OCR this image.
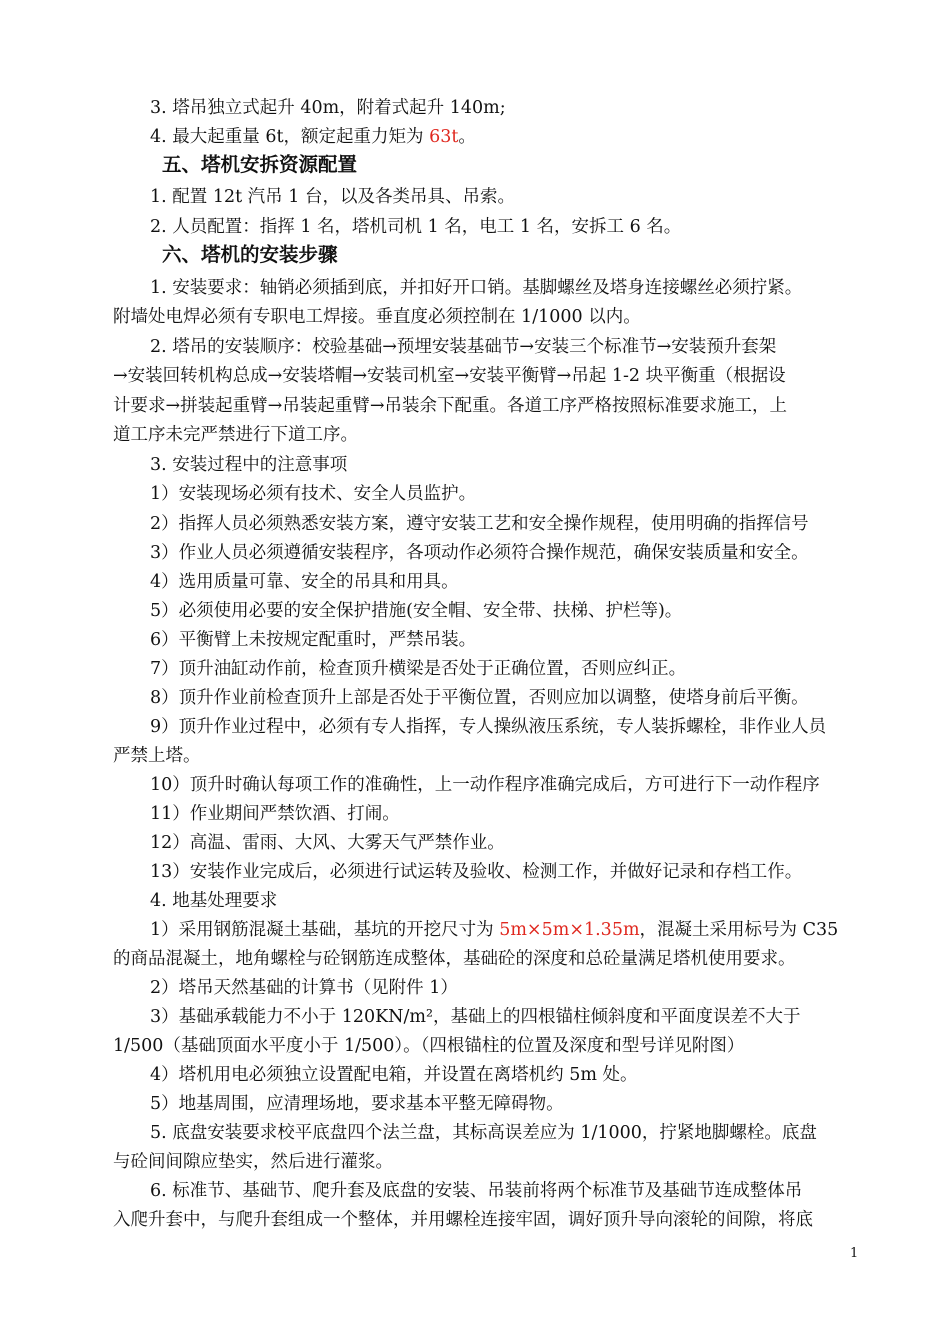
3. 塔吊独立式起升 40m，附着式起升 140m;
4. 最大起重量 6t，额定起重力矩为 63t。
五、塔机安拆资源配置
1. 配置 12t 汽吊 1 台，以及各类吊具、吊索。
2. 人员配置：指挥 1 名，塔机司机 1 名，电工 1 名，安拆工 6 名。
六、塔机的安装步骤
1. 安装要求：轴销必须插到底，并扣好开口销。基脚螺丝及塔身连接螺丝必须拧紧。
附墙处电焊必须有专职电工焊接。垂直度必须控制在 1/1000 以内。
2. 塔吊的安装顺序：校验基础→预埋安装基础节→安装三个标准节→安装预升套架
→安装回转机构总成→安装塔帽→安装司机室→安装平衡臂→吊起 1-2 块平衡重（根据设
计要求→拼装起重臂→吊装起重臂→吊装余下配重。各道工序严格按照标准要求施工，上
道工序未完严禁进行下道工序。
3. 安装过程中的注意事项
1）安装现场必须有技术、安全人员监护。
2）指挥人员必须熟悉安装方案，遵守安装工艺和安全操作规程，使用明确的指挥信号
3）作业人员必须遵循安装程序，各项动作必须符合操作规范，确保安装质量和安全。
4）选用质量可靠、安全的吊具和用具。
5）必须使用必要的安全保护措施(安全帽、安全带、扶梯、护栏等)。
6）平衡臂上未按规定配重时，严禁吊装。
7）顶升油缸动作前，检查顶升横梁是否处于正确位置，否则应纠正。
8）顶升作业前检查顶升上部是否处于平衡位置，否则应加以调整，使塔身前后平衡。
9）顶升作业过程中，必须有专人指挥，专人操纵液压系统，专人装拆螺栓，非作业人员
严禁上塔。
10）顶升时确认每项工作的准确性，上一动作程序准确完成后，方可进行下一动作程序
11）作业期间严禁饮酒、打闹。
12）高温、雷雨、大风、大雾天气严禁作业。
13）安装作业完成后，必须进行试运转及验收、检测工作，并做好记录和存档工作。
4. 地基处理要求
1）采用钢筋混凝土基础，基坑的开挖尺寸为 5m×5m×1.35m，混凝土采用标号为 C35
的商品混凝土，地角螺栓与砼钢筋连成整体，基础砼的深度和总砼量满足塔机使用要求。
2）塔吊天然基础的计算书（见附件 1）
3）基础承载能力不小于 120KN/m²，基础上的四根锚柱倾斜度和平面度误差不大于
1/500（基础顶面水平度小于 1/500）。（四根锚柱的位置及深度和型号详见附图）
4）塔机用电必须独立设置配电箱，并设置在离塔机约 5m 处。
5）地基周围，应清理场地，要求基本平整无障碍物。
5. 底盘安装要求校平底盘四个法兰盘，其标高误差应为 1/1000，拧紧地脚螺栓。底盘
与砼间间隙应垫实，然后进行灌浆。
6. 标准节、基础节、爬升套及底盘的安装、吊装前将两个标准节及基础节连成整体吊
入爬升套中，与爬升套组成一个整体，并用螺栓连接牢固，调好顶升导向滚轮的间隙，将底
1
